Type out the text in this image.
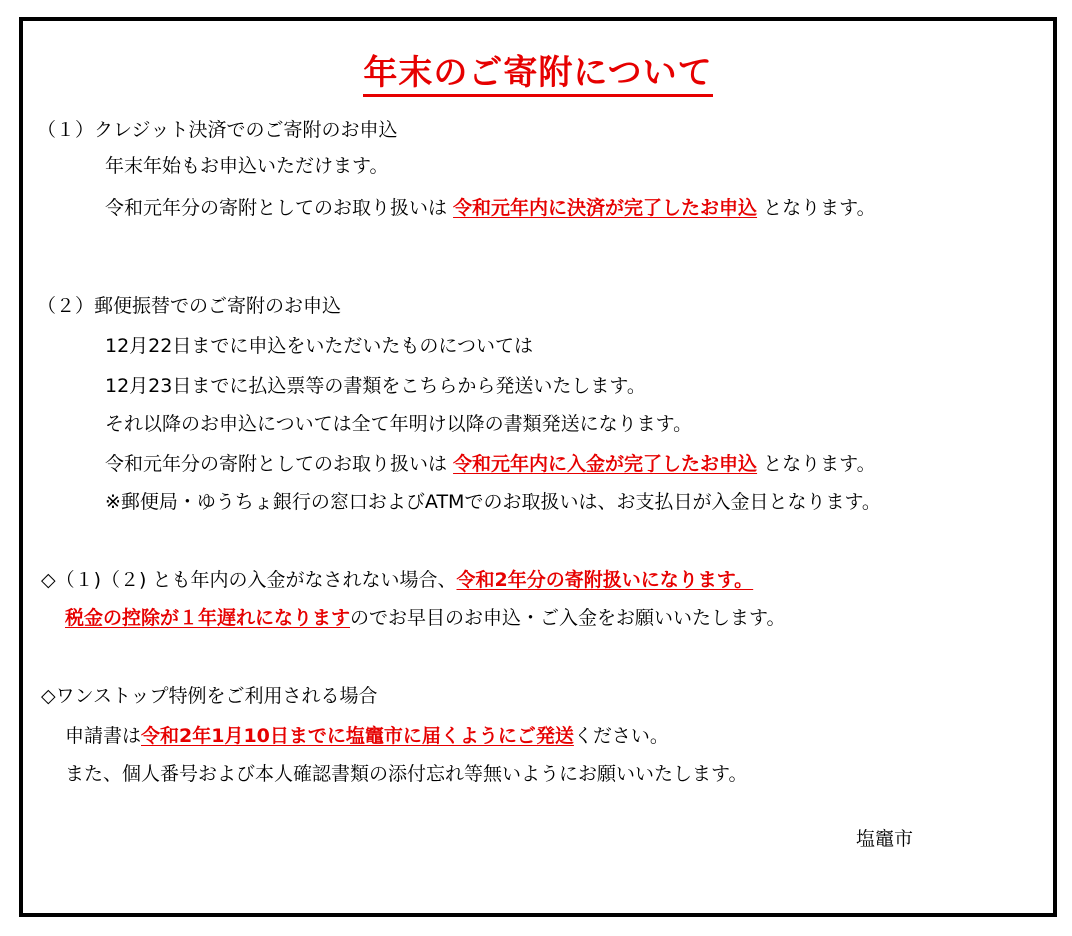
年末のご寄附について
（１）クレジット決済でのご寄附のお申込
年末年始もお申込いただけます。
令和元年分の寄附としてのお取り扱いは 令和元年内に決済が完了したお申込 となります。
（２）郵便振替でのご寄附のお申込
12月22日までに申込をいただいたものについては
12月23日までに払込票等の書類をこちらから発送いたします。
それ以降のお申込については全て年明け以降の書類発送になります。
令和元年分の寄附としてのお取り扱いは 令和元年内に入金が完了したお申込 となります。
※郵便局・ゆうちょ銀行の窓口およびATMでのお取扱いは、お支払日が入金日となります。
◇（１)（２) とも年内の入金がなされない場合、令和2年分の寄附扱いになります。
税金の控除が１年遅れになりますのでお早目のお申込・ご入金をお願いいたします。
◇ワンストップ特例をご利用される場合
申請書は令和2年1月10日までに塩竈市に届くようにご発送ください。
また、個人番号および本人確認書類の添付忘れ等無いようにお願いいたします。
塩竈市
